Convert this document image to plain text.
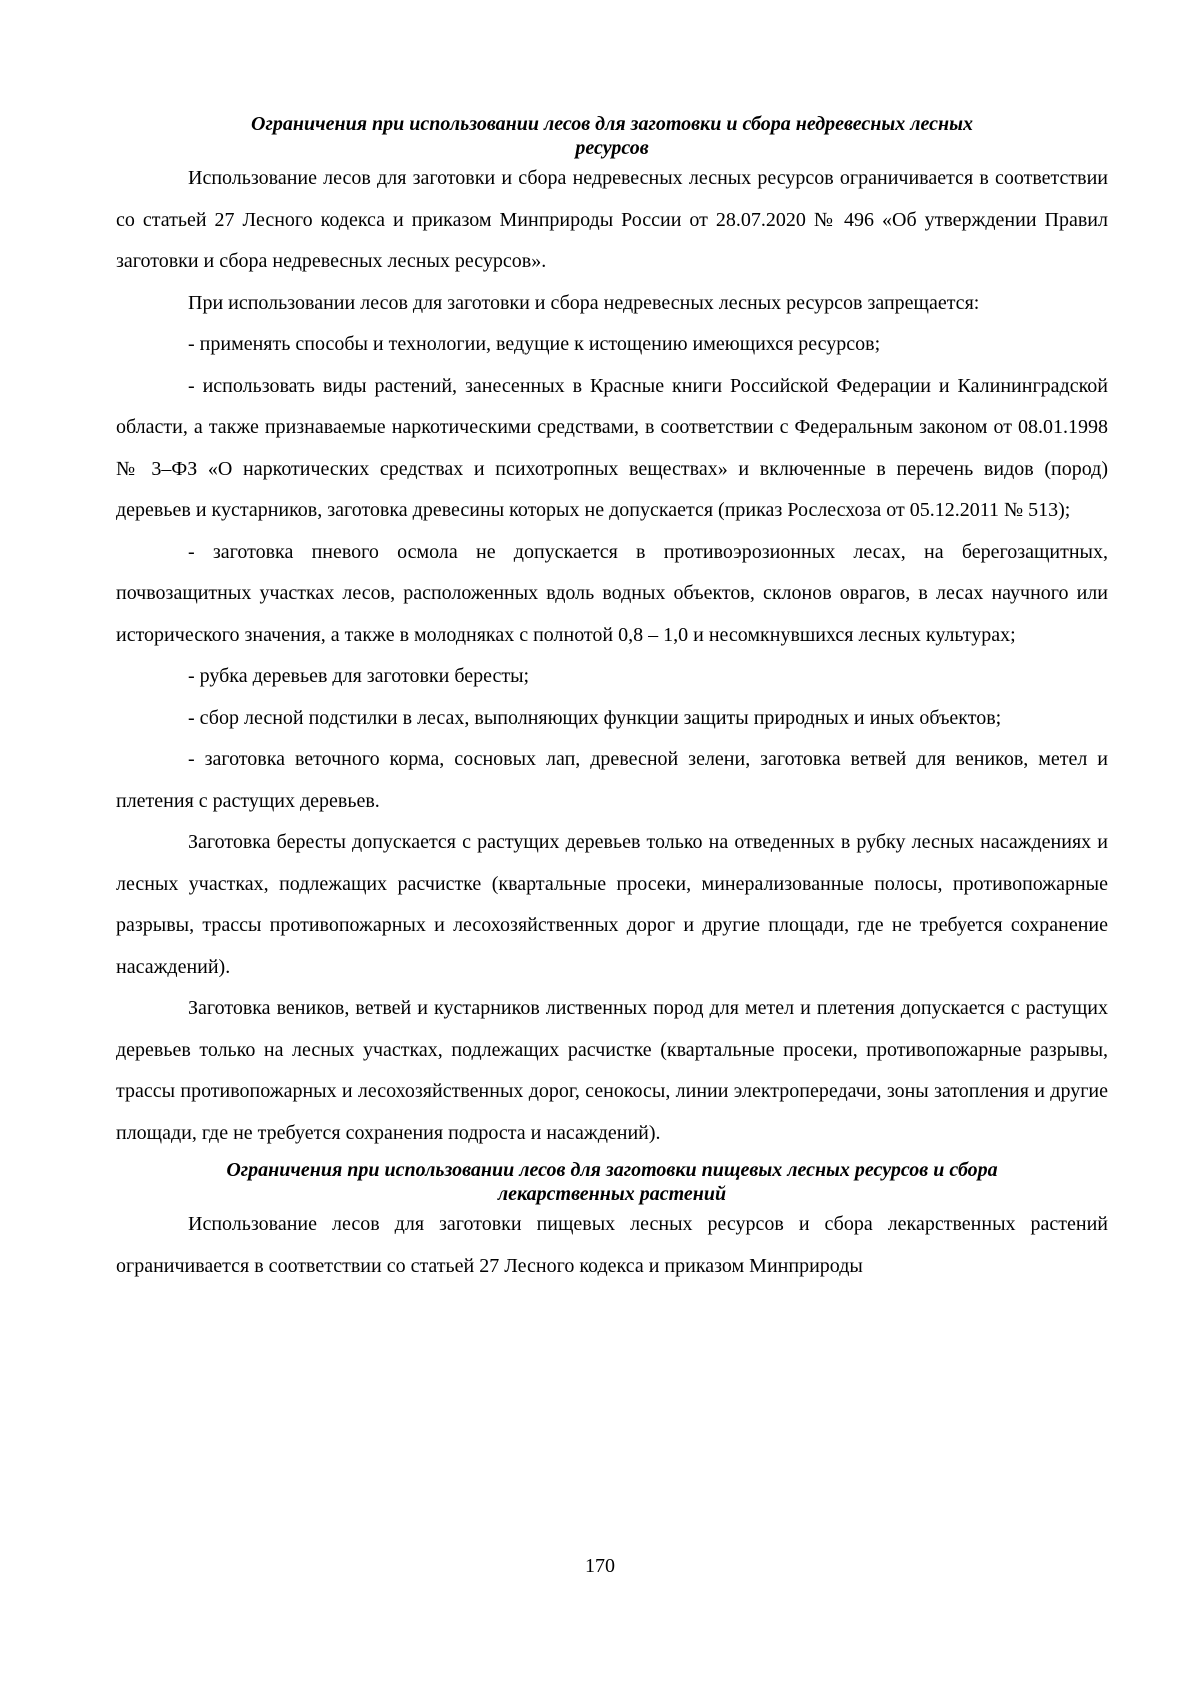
Ограничения при использовании лесов для заготовки и сбора недревесных лесных
ресурсов

Использование лесов для заготовки и сбора недревесных лесных ресурсов ограничивается в соответствии со статьей 27 Лесного кодекса и приказом Минприроды России от 28.07.2020 № 496 «Об утверждении Правил заготовки и сбора недревесных лесных ресурсов».

При использовании лесов для заготовки и сбора недревесных лесных ресурсов запрещается:

- применять способы и технологии, ведущие к истощению имеющихся ресурсов;

- использовать виды растений, занесенных в Красные книги Российской Федерации и Калининградской области, а также признаваемые наркотическими средствами, в соответствии с Федеральным законом от 08.01.1998 № 3–ФЗ «О наркотических средствах и психотропных веществах» и включенные в перечень видов (пород) деревьев и кустарников, заготовка древесины которых не допускается (приказ Рослесхоза от 05.12.2011 № 513);

- заготовка пневого осмола не допускается в противоэрозионных лесах, на берегозащитных, почвозащитных участках лесов, расположенных вдоль водных объектов, склонов оврагов, в лесах научного или исторического значения, а также в молодняках с полнотой 0,8 – 1,0 и несомкнувшихся лесных культурах;

- рубка деревьев для заготовки бересты;

- сбор лесной подстилки в лесах, выполняющих функции защиты природных и иных объектов;

- заготовка веточного корма, сосновых лап, древесной зелени, заготовка ветвей для веников, метел и плетения с растущих деревьев.

Заготовка бересты допускается с растущих деревьев только на отведенных в рубку лесных насаждениях и лесных участках, подлежащих расчистке (квартальные просеки, минерализованные полосы, противопожарные разрывы, трассы противопожарных и лесохозяйственных дорог и другие площади, где не требуется сохранение насаждений).

Заготовка веников, ветвей и кустарников лиственных пород для метел и плетения допускается с растущих деревьев только на лесных участках, подлежащих расчистке (квартальные просеки, противопожарные разрывы, трассы противопожарных и лесохозяйственных дорог, сенокосы, линии электропередачи, зоны затопления и другие площади, где не требуется сохранения подроста и насаждений).

Ограничения при использовании лесов для заготовки пищевых лесных ресурсов и сбора
лекарственных растений

Использование лесов для заготовки пищевых лесных ресурсов и сбора лекарственных растений ограничивается в соответствии со статьей 27 Лесного кодекса и приказом Минприроды

170
